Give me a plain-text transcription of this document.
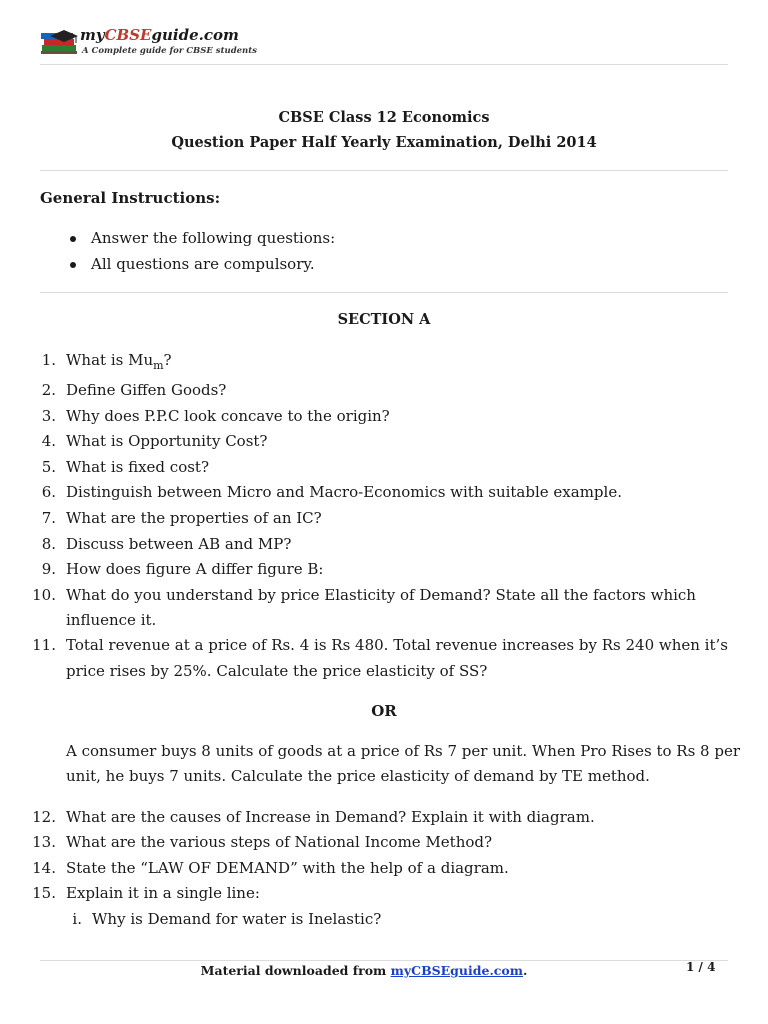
myCBSEguide.com
A Complete guide for CBSE students
CBSE Class 12 Economics
Question Paper Half Yearly Examination, Delhi 2014
General Instructions:
Answer the following questions:
All questions are compulsory.
SECTION A
1. What is $Mu_m$?
2. Define Giffen Goods?
3. Why does P.P.C look concave to the origin?
4. What is Opportunity Cost?
5. What is fixed cost?
6. Distinguish between Micro and Macro-Economics with suitable example.
7. What are the properties of an IC?
8. Discuss between AB and MP?
9. How does figure A differ figure B:
10. What do you understand by price Elasticity of Demand? State all the factors which
influence it.
11. Total revenue at a price of Rs. 4 is Rs 480. Total revenue increases by Rs 240 when it’s
price rises by 25%. Calculate the price elasticity of SS?
OR
A consumer buys 8 units of goods at a price of Rs 7 per unit. When Pro Rises to Rs 8 per
unit, he buys 7 units. Calculate the price elasticity of demand by TE method.
12. What are the causes of Increase in Demand? Explain it with diagram.
13. What are the various steps of National Income Method?
14. State the “LAW OF DEMAND” with the help of a diagram.
15. Explain it in a single line:
i. Why is Demand for water is Inelastic?
Material downloaded from myCBSEguide.com.	1 / 4
